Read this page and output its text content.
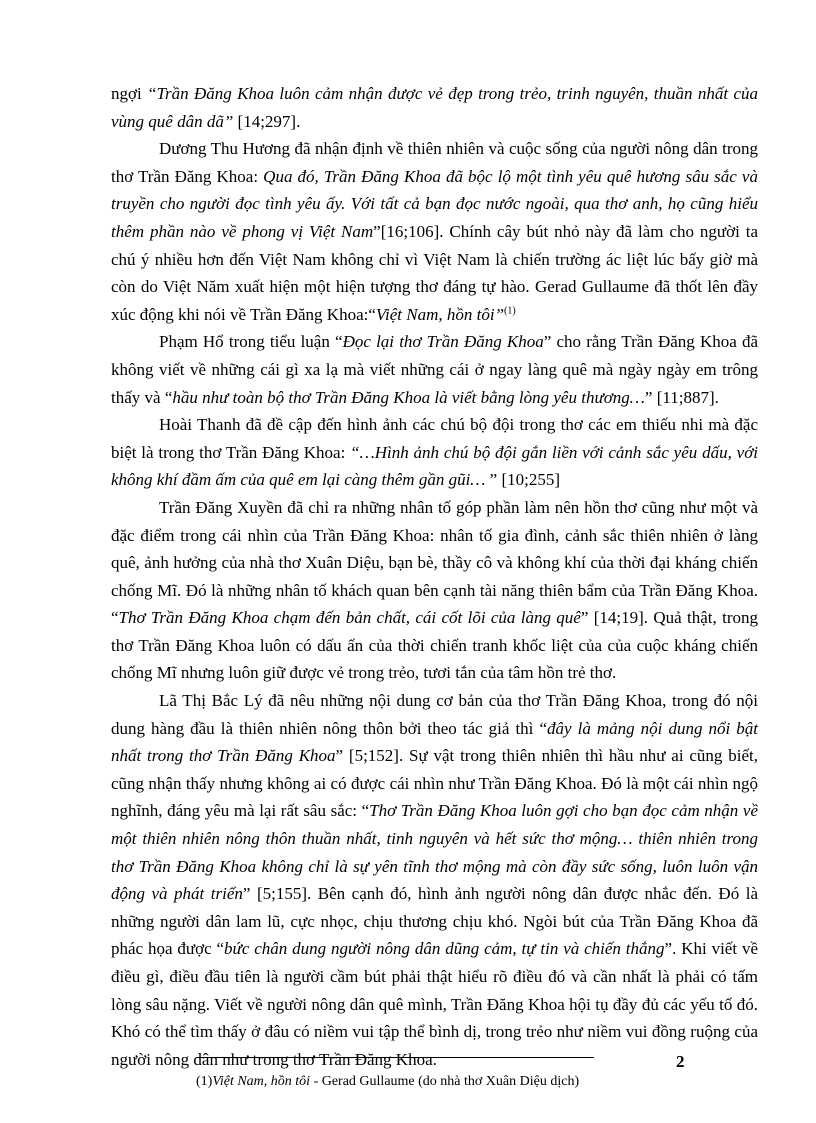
ngợi “Trần Đăng Khoa luôn cảm nhận được vẻ đẹp trong trẻo, trinh nguyên, thuần nhất của vùng quê dân dã” [14;297].

Dương Thu Hương đã nhận định về thiên nhiên và cuộc sống của người nông dân trong thơ Trần Đăng Khoa: Qua đó, Trần Đăng Khoa đã bộc lộ một tình yêu quê hương sâu sắc và truyền cho người đọc tình yêu ấy. Với tất cả bạn đọc nước ngoài, qua thơ anh, họ cũng hiểu thêm phần nào về phong vị Việt Nam”[16;106]. Chính cây bút nhỏ này đã làm cho người ta chú ý nhiều hơn đến Việt Nam không chỉ vì Việt Nam là chiến trường ác liệt lúc bấy giờ mà còn do Việt Năm xuất hiện một hiện tượng thơ đáng tự hào. Gerad Gullaume đã thốt lên đầy xúc động khi nói về Trần Đăng Khoa:“Việt Nam, hồn tôi”$^{(1)}$

Phạm Hổ trong tiểu luận “Đọc lại thơ Trần Đăng Khoa” cho rằng Trần Đăng Khoa đã không viết về những cái gì xa lạ mà viết những cái ở ngay làng quê mà ngày ngày em trông thấy và “hầu như toàn bộ thơ Trần Đăng Khoa là viết bằng lòng yêu thương…” [11;887].

Hoài Thanh đã đề cập đến hình ảnh các chú bộ đội trong thơ các em thiếu nhi mà đặc biệt là trong thơ Trần Đăng Khoa: “…Hình ảnh chú bộ đội gắn liền với cảnh sắc yêu dấu, với không khí đầm ấm của quê em lại càng thêm gần gũi… ” [10;255]

Trần Đăng Xuyền đã chỉ ra những nhân tố góp phần làm nên hồn thơ cũng như một và đặc điểm trong cái nhìn của Trần Đăng Khoa: nhân tố gia đình, cảnh sắc thiên nhiên ở làng quê, ảnh hưởng của nhà thơ Xuân Diệu, bạn bè, thầy cô và không khí của thời đại kháng chiến chống Mĩ. Đó là những nhân tố khách quan bên cạnh tài năng thiên bẩm của Trần Đăng Khoa. “Thơ Trần Đăng Khoa chạm đến bản chất, cái cốt lõi của làng quê” [14;19]. Quả thật, trong thơ Trần Đăng Khoa luôn có dấu ấn của thời chiến tranh khốc liệt của của cuộc kháng chiến chống Mĩ nhưng luôn giữ được vẻ trong trẻo, tươi tắn của tâm hồn trẻ thơ.

Lã Thị Bắc Lý đã nêu những nội dung cơ bản của thơ Trần Đăng Khoa, trong đó nội dung hàng đầu là thiên nhiên nông thôn bởi theo tác giả thì “đây là mảng nội dung nổi bật nhất trong thơ Trần Đăng Khoa” [5;152]. Sự vật trong thiên nhiên thì hầu như ai cũng biết, cũng nhận thấy nhưng không ai có được cái nhìn như Trần Đăng Khoa. Đó là một cái nhìn ngộ nghĩnh, đáng yêu mà lại rất sâu sắc: “Thơ Trần Đăng Khoa luôn gợi cho bạn đọc cảm nhận về một thiên nhiên nông thôn thuần nhất, tinh nguyên và hết sức thơ mộng… thiên nhiên trong thơ Trần Đăng Khoa không chỉ là sự yên tĩnh thơ mộng mà còn đầy sức sống, luôn luôn vận động và phát triển” [5;155]. Bên cạnh đó, hình ảnh người nông dân được nhắc đến. Đó là những người dân lam lũ, cực nhọc, chịu thương chịu khó. Ngòi bút của Trần Đăng Khoa đã phác họa được “bức chân dung người nông dân dũng cảm, tự tin và chiến thắng”. Khi viết về điều gì, điều đầu tiên là người cầm bút phải thật hiểu rõ điều đó và cần nhất là phải có tấm lòng sâu nặng. Viết về người nông dân quê mình, Trần Đăng Khoa hội tụ đầy đủ các yếu tố đó. Khó có thể tìm thấy ở đâu có niềm vui tập thể bình dị, trong trẻo như niềm vui đồng ruộng của người nông dân như trong thơ Trần Đăng Khoa.	2
(1)Việt Nam, hồn tôi - Gerad Gullaume (do nhà thơ Xuân Diệu dịch)
